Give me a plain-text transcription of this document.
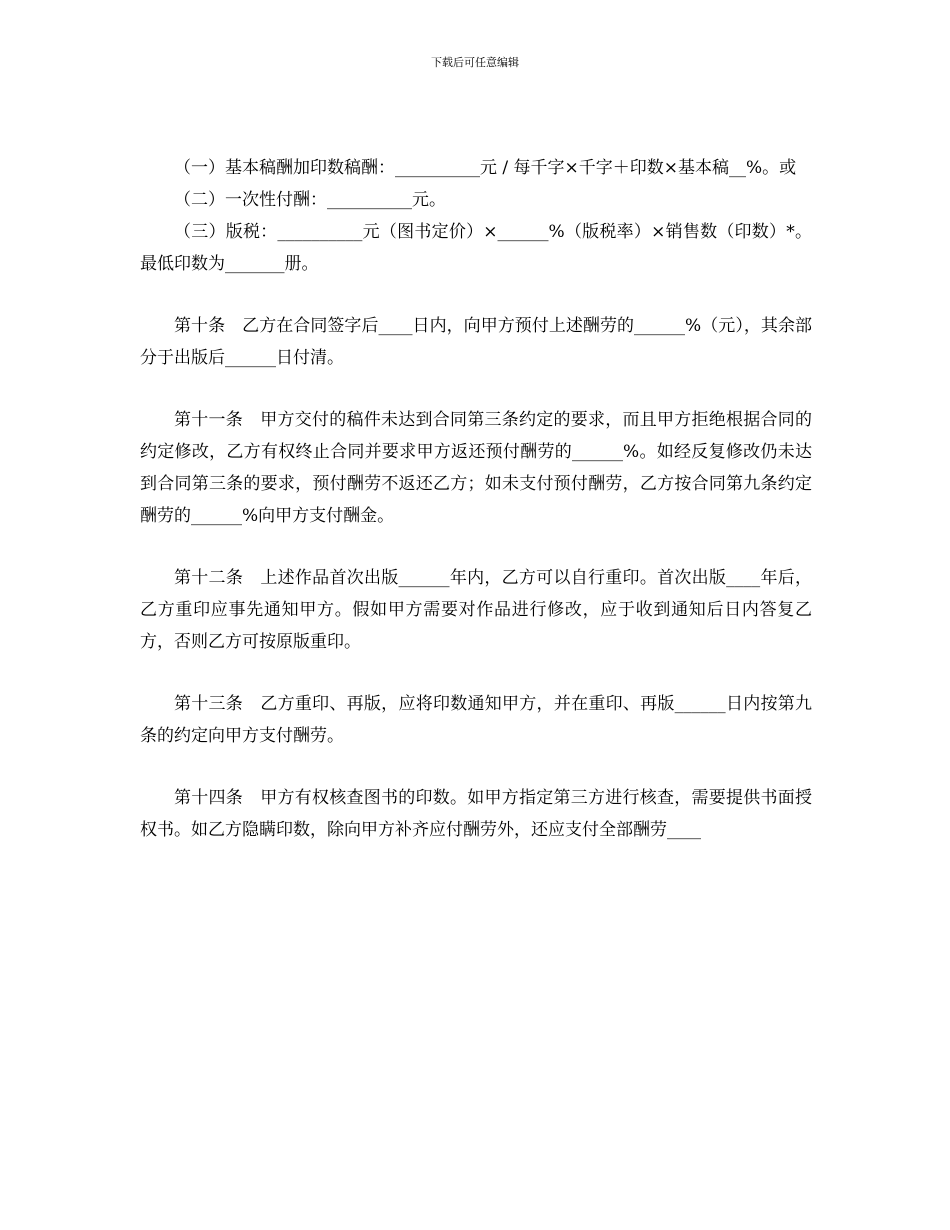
下载后可任意编辑

（一）基本稿酬加印数稿酬：__________元 / 每千字×千字＋印数×基本稿__%。或

（二）一次性付酬：__________元。

（三）版税：__________元（图书定价）×______%（版税率）×销售数（印数）*。最低印数为_______册。

第十条　乙方在合同签字后____日内，向甲方预付上述酬劳的______%（元），其余部分于出版后______日付清。

第十一条　甲方交付的稿件未达到合同第三条约定的要求，而且甲方拒绝根据合同的约定修改，乙方有权终止合同并要求甲方返还预付酬劳的______%。如经反复修改仍未达到合同第三条的要求，预付酬劳不返还乙方；如未支付预付酬劳，乙方按合同第九条约定酬劳的______%向甲方支付酬金。

第十二条　上述作品首次出版______年内，乙方可以自行重印。首次出版____年后，乙方重印应事先通知甲方。假如甲方需要对作品进行修改，应于收到通知后日内答复乙方，否则乙方可按原版重印。

第十三条　乙方重印、再版，应将印数通知甲方，并在重印、再版______日内按第九条的约定向甲方支付酬劳。

第十四条　甲方有权核查图书的印数。如甲方指定第三方进行核查，需要提供书面授权书。如乙方隐瞒印数，除向甲方补齐应付酬劳外，还应支付全部酬劳____
